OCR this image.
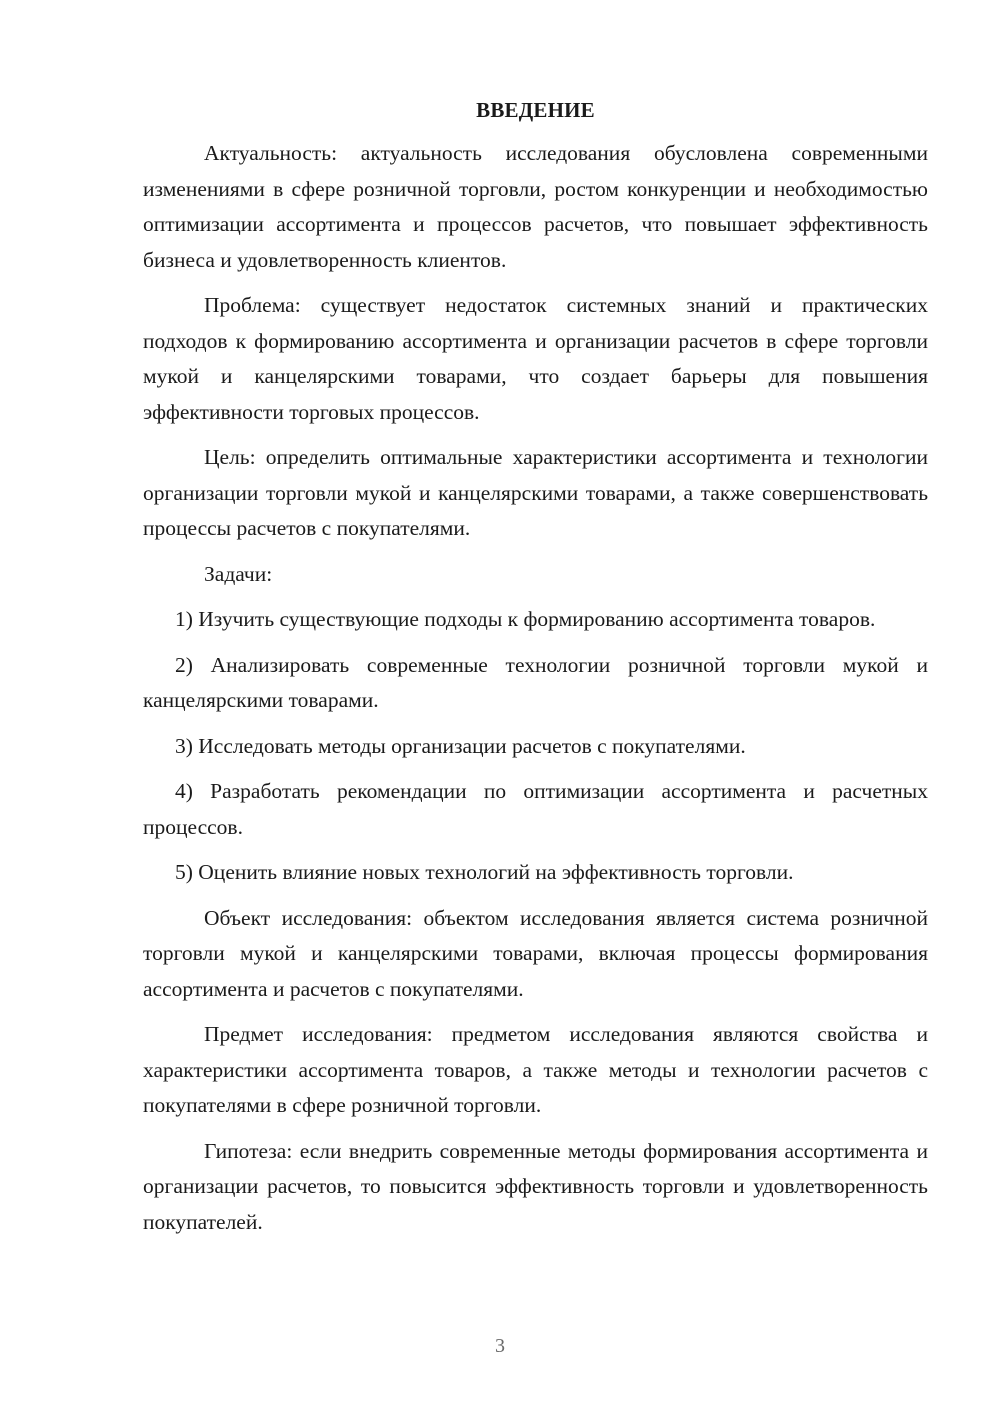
ВВЕДЕНИЕ

Актуальность: актуальность исследования обусловлена современными изменениями в сфере розничной торговли, ростом конкуренции и необходимостью оптимизации ассортимента и процессов расчетов, что повышает эффективность бизнеса и удовлетворенность клиентов.

Проблема: существует недостаток системных знаний и практических подходов к формированию ассортимента и организации расчетов в сфере торговли мукой и канцелярскими товарами, что создает барьеры для повышения эффективности торговых процессов.

Цель: определить оптимальные характеристики ассортимента и технологии организации торговли мукой и канцелярскими товарами, а также совершенствовать процессы расчетов с покупателями.

Задачи:

1) Изучить существующие подходы к формированию ассортимента товаров.

2) Анализировать современные технологии розничной торговли мукой и канцелярскими товарами.

3) Исследовать методы организации расчетов с покупателями.

4) Разработать рекомендации по оптимизации ассортимента и расчетных процессов.

5) Оценить влияние новых технологий на эффективность торговли.

Объект исследования: объектом исследования является система розничной торговли мукой и канцелярскими товарами, включая процессы формирования ассортимента и расчетов с покупателями.

Предмет исследования: предметом исследования являются свойства и характеристики ассортимента товаров, а также методы и технологии расчетов с покупателями в сфере розничной торговли.

Гипотеза: если внедрить современные методы формирования ассортимента и организации расчетов, то повысится эффективность торговли и удовлетворенность покупателей.

3
